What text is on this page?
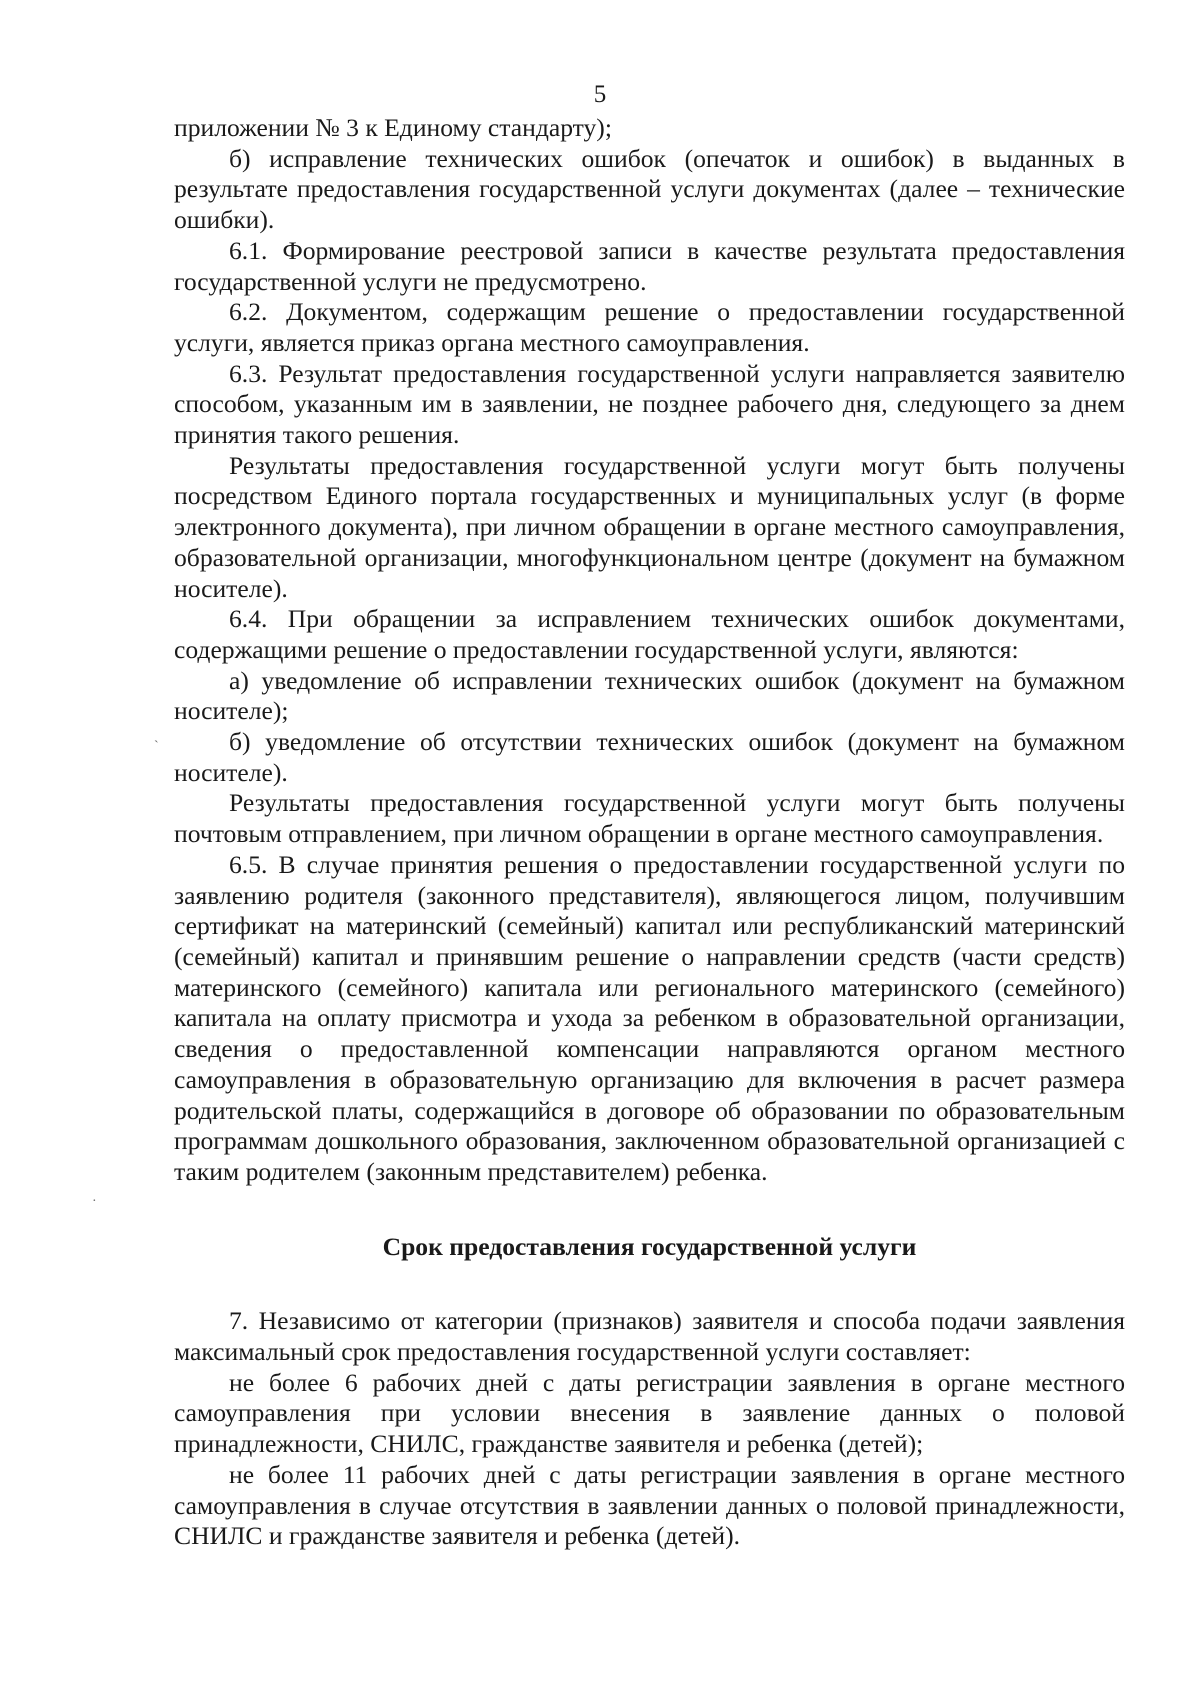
5
`
·

приложении № 3 к Единому стандарту);

б) исправление технических ошибок (опечаток и ошибок) в выданных в результате предоставления государственной услуги документах (далее – технические ошибки).

6.1. Формирование реестровой записи в качестве результата предоставления государственной услуги не предусмотрено.

6.2. Документом, содержащим решение о предоставлении государственной услуги, является приказ органа местного самоуправления.

6.3. Результат предоставления государственной услуги направляется заявителю способом, указанным им в заявлении, не позднее рабочего дня, следующего за днем принятия такого решения.

Результаты предоставления государственной услуги могут быть получены посредством Единого портала государственных и муниципальных услуг (в форме электронного документа), при личном обращении в органе местного самоуправления, образовательной организации, многофункциональном центре (документ на бумажном носителе).

6.4. При обращении за исправлением технических ошибок документами, содержащими решение о предоставлении государственной услуги, являются:

а) уведомление об исправлении технических ошибок (документ на бумажном носителе);

б) уведомление об отсутствии технических ошибок (документ на бумажном носителе).

Результаты предоставления государственной услуги могут быть получены почтовым отправлением, при личном обращении в органе местного самоуправления.

6.5. В случае принятия решения о предоставлении государственной услуги по заявлению родителя (законного представителя), являющегося лицом, получившим сертификат на материнский (семейный) капитал или республиканский материнский (семейный) капитал и принявшим решение о направлении средств (части средств) материнского (семейного) капитала или регионального материнского (семейного) капитала на оплату присмотра и ухода за ребенком в образовательной организации, сведения о предоставленной компенсации направляются органом местного самоуправления в образовательную организацию для включения в расчет размера родительской платы, содержащийся в договоре об образовании по образовательным программам дошкольного образования, заключенном образовательной организацией с таким родителем (законным представителем) ребенка.

Срок предоставления государственной услуги

7. Независимо от категории (признаков) заявителя и способа подачи заявления максимальный срок предоставления государственной услуги составляет:

не более 6 рабочих дней с даты регистрации заявления в органе местного самоуправления при условии внесения в заявление данных о половой принадлежности, СНИЛС, гражданстве заявителя и ребенка (детей);

не более 11 рабочих дней с даты регистрации заявления в органе местного самоуправления в случае отсутствия в заявлении данных о половой принадлежности, СНИЛС и гражданстве заявителя и ребенка (детей).
